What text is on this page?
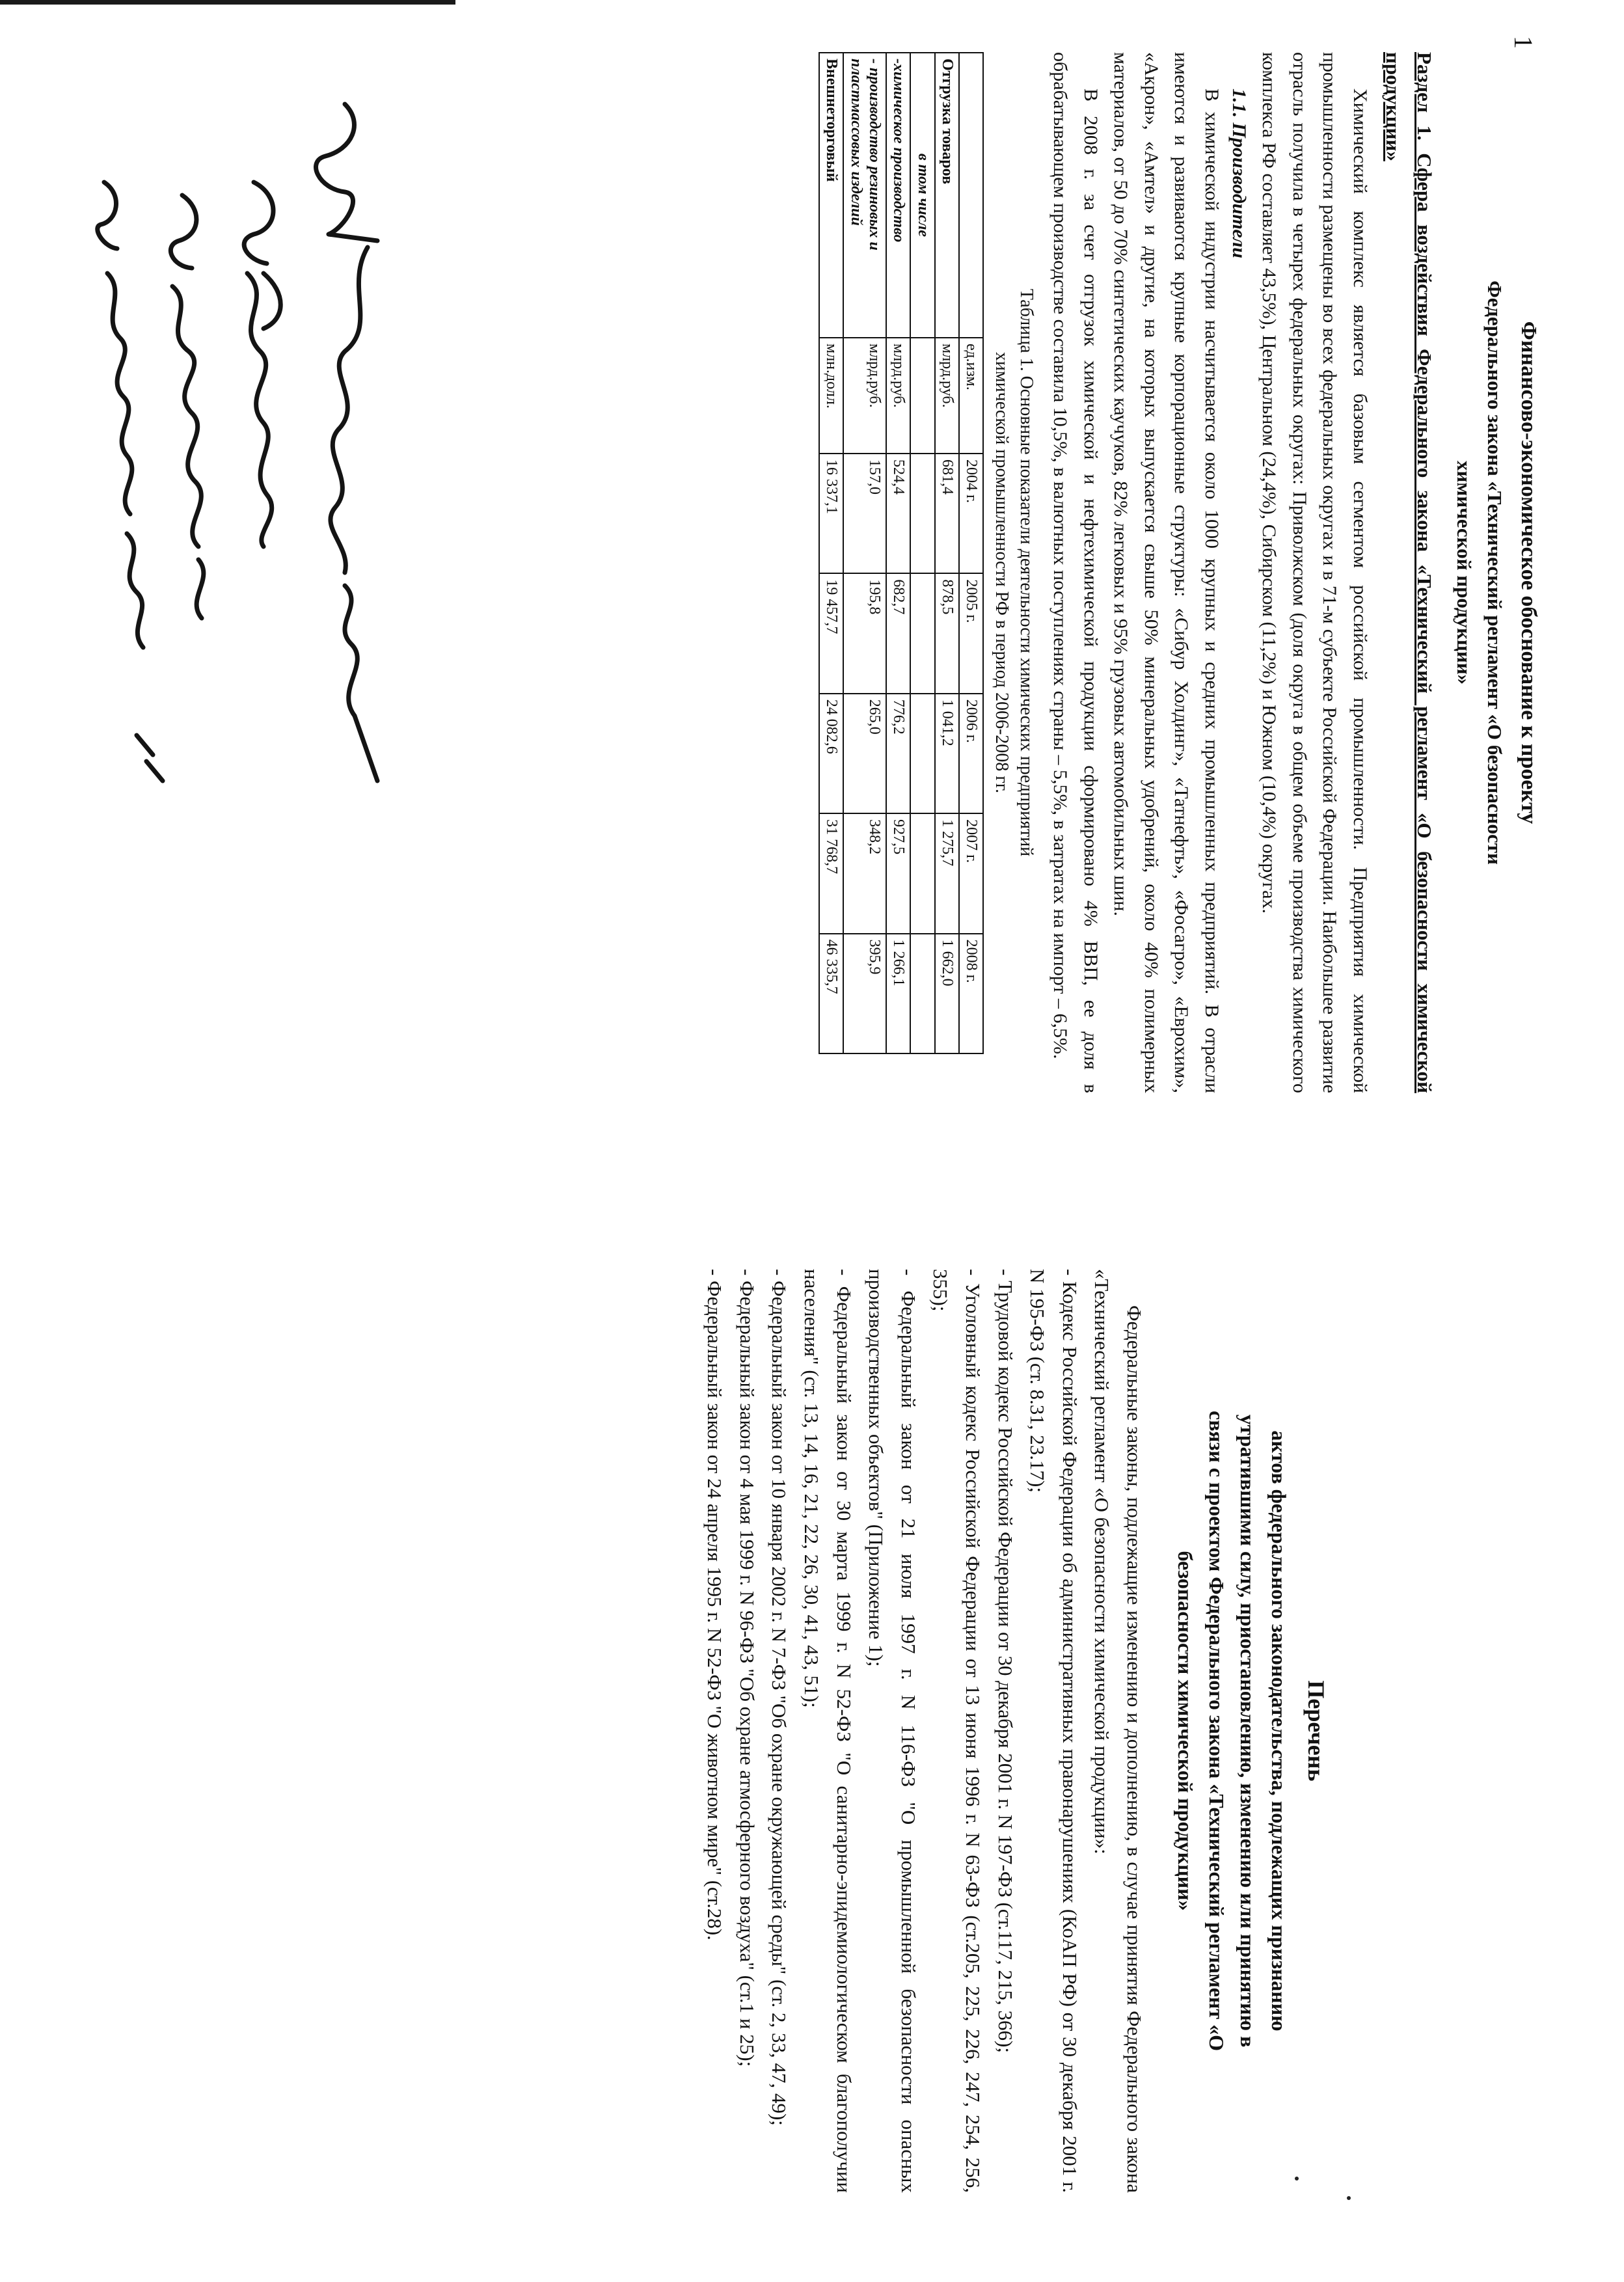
1
Финансово-экономическое обоснование к проекту
Федерального закона «Технический регламент «О безопасности
химической продукции»
Раздел 1. Сфера воздействия Федерального закона «Технический регламент «О безопасности химической продукции»

Химический комплекс является базовым сегментом российской промышленности. Предприятия химической промышленности размещены во всех федеральных округах и в 71-м субъекте Российской Федерации. Наибольшее развитие отрасль получила в четырех федеральных округах: Приволжском (доля округа в общем объеме производства химического комплекса РФ составляет 43,5%), Центральном (24,4%), Сибирском (11,2%) и Южном (10,4%) округах.

1.1. Производители

В химической индустрии насчитывается около 1000 крупных и средних промышленных предприятий. В отрасли имеются и развиваются крупные корпорационные структуры: «Сибур Холдинг», «Татнефть», «Фосагро», «Еврохим», «Акрон», «Амтел» и другие, на которых выпускается свыше 50% минеральных удобрений, около 40% полимерных материалов, от 50 до 70% синтетических каучуков, 82% легковых и 95% грузовых автомобильных шин.

В 2008 г. за счет отгрузок химической и нефтехимической продукции сформировано 4% ВВП, ее доля в обрабатывающем производстве составила 10,5%, в валютных поступлениях страны – 5,5%, в затратах на импорт – 6,5%.

Таблица 1. Основные показатели деятельности химических предприятий
химической промышленности РФ в период 2006-2008 гг.
	ед.изм.	2004 г.	2005 г.	2006 г.	2007 г.	2008 г.
Отгрузка товаров	млрд.руб.	681,4	878,5	1 041,2	1 275,7	1 662,0
в том числе						
-химическое производство	млрд.руб.	524,4	682,7	776,2	927,5	1 266,1
- производство резиновых и пластмассовых изделий	млрд.руб.	157,0	195,8	265,0	348,2	395,9
Внешнеторговый	млн.долл.	16 337,1	19 457,7	24 082,6	31 768,7	46 335,7
Перечень
актов федерального законодательства, подлежащих признанию
утратившими силу, приостановлению, изменению или принятию в
связи с проектом Федерального закона «Технический регламент «О
безопасности химической продукции»

Федеральные законы, подлежащие изменению и дополнению, в случае принятия Федерального закона «Технический регламент «О безопасности химической продукции»:

- Кодекс Российской Федерации об административных правонарушениях (КоАП РФ) от 30 декабря 2001 г. N 195-ФЗ (ст. 8.31, 23.17);

- Трудовой кодекс Российской Федерации от 30 декабря 2001 г. N 197-ФЗ (ст.117, 215, 366);

- Уголовный кодекс Российской Федерации от 13 июня 1996 г. N 63-ФЗ (ст.205, 225, 226, 247, 254, 256, 355);

- Федеральный закон от 21 июля 1997 г. N 116-ФЗ "О промышленной безопасности опасных производственных объектов" (Приложение 1);

- Федеральный закон от 30 марта 1999 г. N 52-ФЗ "О санитарно-эпидемиологическом благополучии населения" (ст. 13, 14, 16, 21, 22, 26, 30, 41, 43, 51);

- Федеральный закон от 10 января 2002 г. N 7-ФЗ "Об охране окружающей среды" (ст. 2, 33, 47, 49);

- Федеральный закон от 4 мая 1999 г. N 96-ФЗ "Об охране атмосферного воздуха" (ст.1 и 25);

- Федеральный закон от 24 апреля 1995 г. N 52-ФЗ "О животном мире" (ст.28).
